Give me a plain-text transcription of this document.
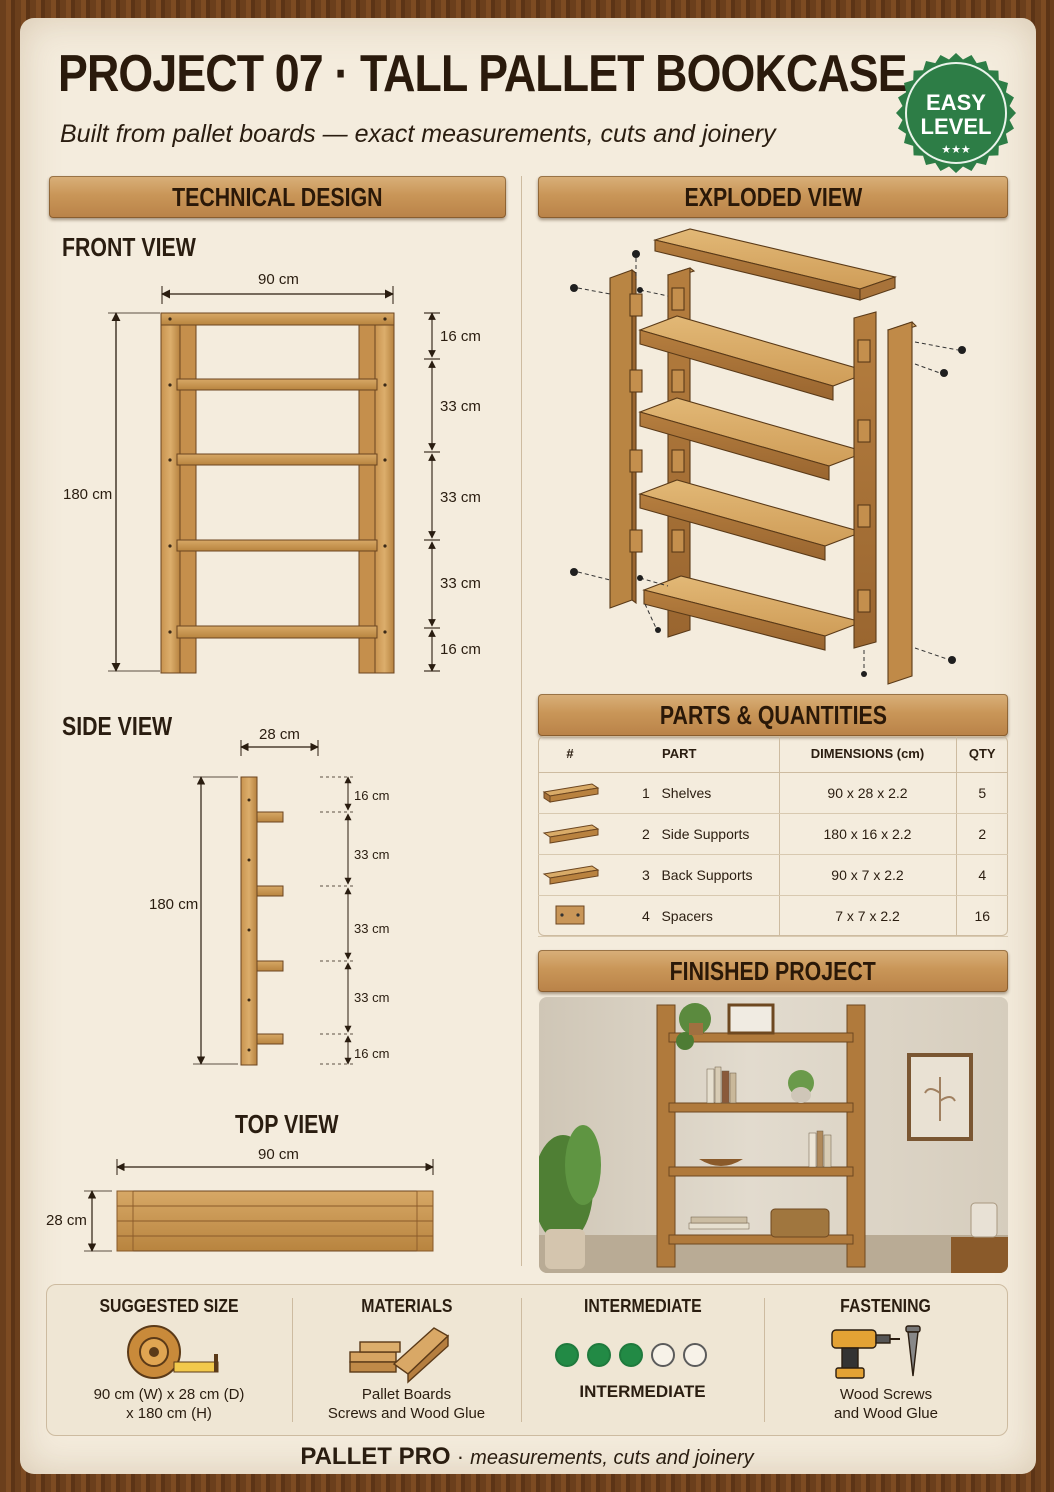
PROJECT 07 · TALL PALLET BOOKCASE
Built from pallet boards — exact measurements, cuts and joinery
EASY
LEVEL
★★★
TECHNICAL DESIGN	EXPLODED VIEW
PARTS & QUANTITIES
FINISHED PROJECT
FRONT VIEW
90 cm
180 cm
16 cm
33 cm
33 cm
33 cm
16 cm
SIDE VIEW	28 cm
180 cm
16 cm
33 cm
33 cm
33 cm
16 cm
TOP VIEW
90 cm
28 cm
#	PART	DIMENSIONS (cm)	QTY
	1 Shelves	90 x 28 x 2.2	5
	2 Side Supports	180 x 16 x 2.2	2
	3 Back Supports	90 x 7 x 2.2	4
	4 Spacers	7 x 7 x 2.2	16
SUGGESTED SIZE
90 cm (W) x 28 cm (D)
x 180 cm (H)
MATERIALS
Pallet Boards
Screws and Wood Glue
INTERMEDIATE
INTERMEDIATE
FASTENING
Wood Screws
and Wood Glue
PALLET PRO · measurements, cuts and joinery
